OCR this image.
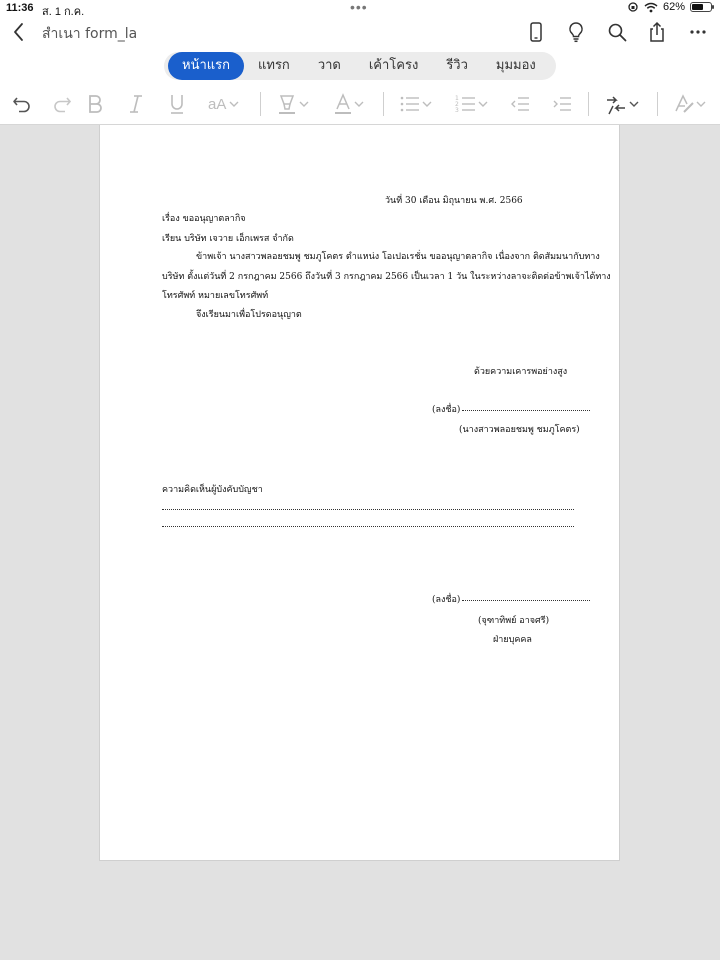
11:36 ส. 1 ก.ค.	•••	62%
สำเนา form_la
หน้าแรก	แทรก	วาด	เค้าโครง	รีวิว	มุมมอง
aA	1
2
3
วันที่ 30 เดือน มิถุนายน พ.ศ. 2566
เรื่อง ขออนุญาตลากิจ
เรียน บริษัท เจวาย เอ็กเพรส จำกัด
ข้าพเจ้า นางสาวพลอยชมพู ชมภูโคตร ตำแหน่ง โอเปอเรชั่น ขออนุญาตลากิจ เนื่องจาก ติดสัมมนากับทาง
บริษัท ตั้งแต่วันที่ 2 กรกฎาคม 2566 ถึงวันที่ 3 กรกฎาคม 2566 เป็นเวลา 1 วัน ในระหว่างลาจะติดต่อข้าพเจ้าได้ทาง
โทรศัพท์ หมายเลขโทรศัพท์
จึงเรียนมาเพื่อโปรดอนุญาต
ด้วยความเคารพอย่างสูง
(ลงชื่อ)
(นางสาวพลอยชมพู ชมภูโคตร)
ความคิดเห็นผู้บังคับบัญชา
(ลงชื่อ)
(จุฑาทิพย์ อาจศรี)
ฝ่ายบุคคล
